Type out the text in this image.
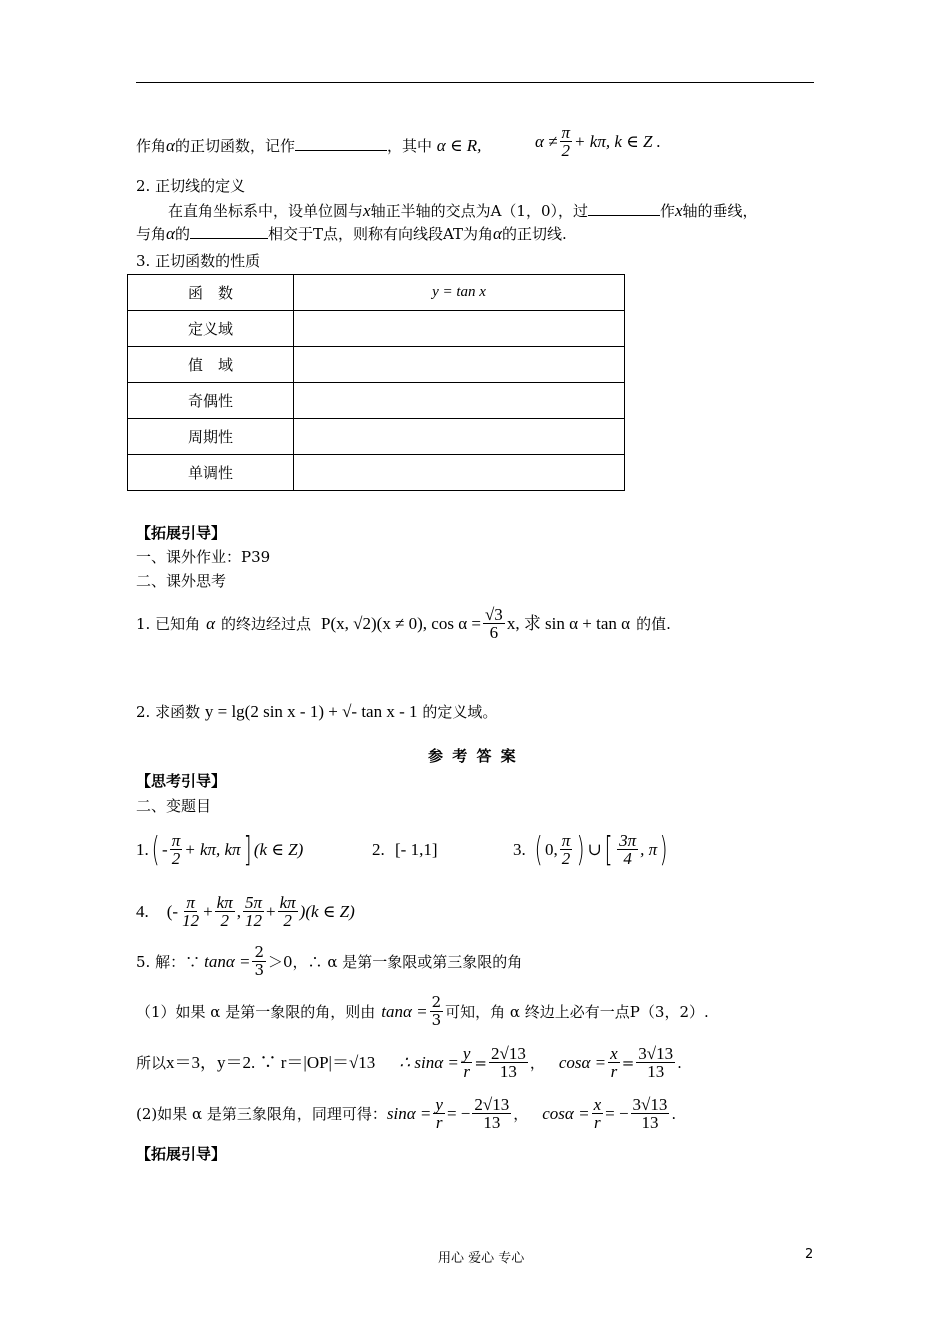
作角α的正切函数，记作	，其中 α ∈ R,	$\alpha \ne \frac{\pi}{2} + k\pi$, k ∈ Z .
2. 正切线的定义
在直角坐标系中，设单位圆与x轴正半轴的交点为A（1，0），过	作x轴的垂线，
与角α的	相交于T点，则称有向线段AT为角α的正切线.
3. 正切函数的性质
函　数	y = tan x
定义域	
值　域	
奇偶性	
周期性	
单调性	
【拓展引导】
一、课外作业：P39
二、课外思考
1. 已知角 α 的终边经过点 P(x, √2)(x ≠ 0), $\cos \alpha = \frac{√3}{6} x$, 求 sin α + tan α 的值.
2. 求函数 y = lg(2 sin x - 1) + √- tan x - 1 的定义域。
参 考 答 案
【思考引导】
二、变题目
1. ( - $\frac{\pi}{2} + k\pi$, kπ ] (k ∈ Z)	2. [- 1,1]	3. ( 0, $\frac{\pi}{2}$ ) ∪ [ $\frac{3\pi}{4}$ , π )
4. (- $\frac{\pi}{12} + \frac{k\pi}{2}$ , $\frac{5\pi}{12} + \frac{k\pi}{2} )(k$ ∈ Z)
5. 解：∵ $\tan\alpha = \frac{2}{3} >0$，∴ α 是第一象限或第三象限的角
（1）如果 α 是第一象限的角，则由 $\tan\alpha = \frac{2}{3}$ 可知，角 α 终边上必有一点P（3，2）.
所以 x＝3，y＝2. ∵ r＝|OP|＝√13 ∴ $\sin\alpha = \frac{y}{r} = \frac{2√13}{13}$ ， $\cos\alpha = \frac{x}{r} = \frac{3√13}{13}$ .
(2)如果 α 是第三象限角，同理可得： $\sin\alpha = \frac{y}{r}$ = − $\frac{2√13}{13}$ ， $\cos\alpha = \frac{x}{r}$ = − $\frac{3√13}{13}$ .
【拓展引导】
用心 爱心 专心	2
